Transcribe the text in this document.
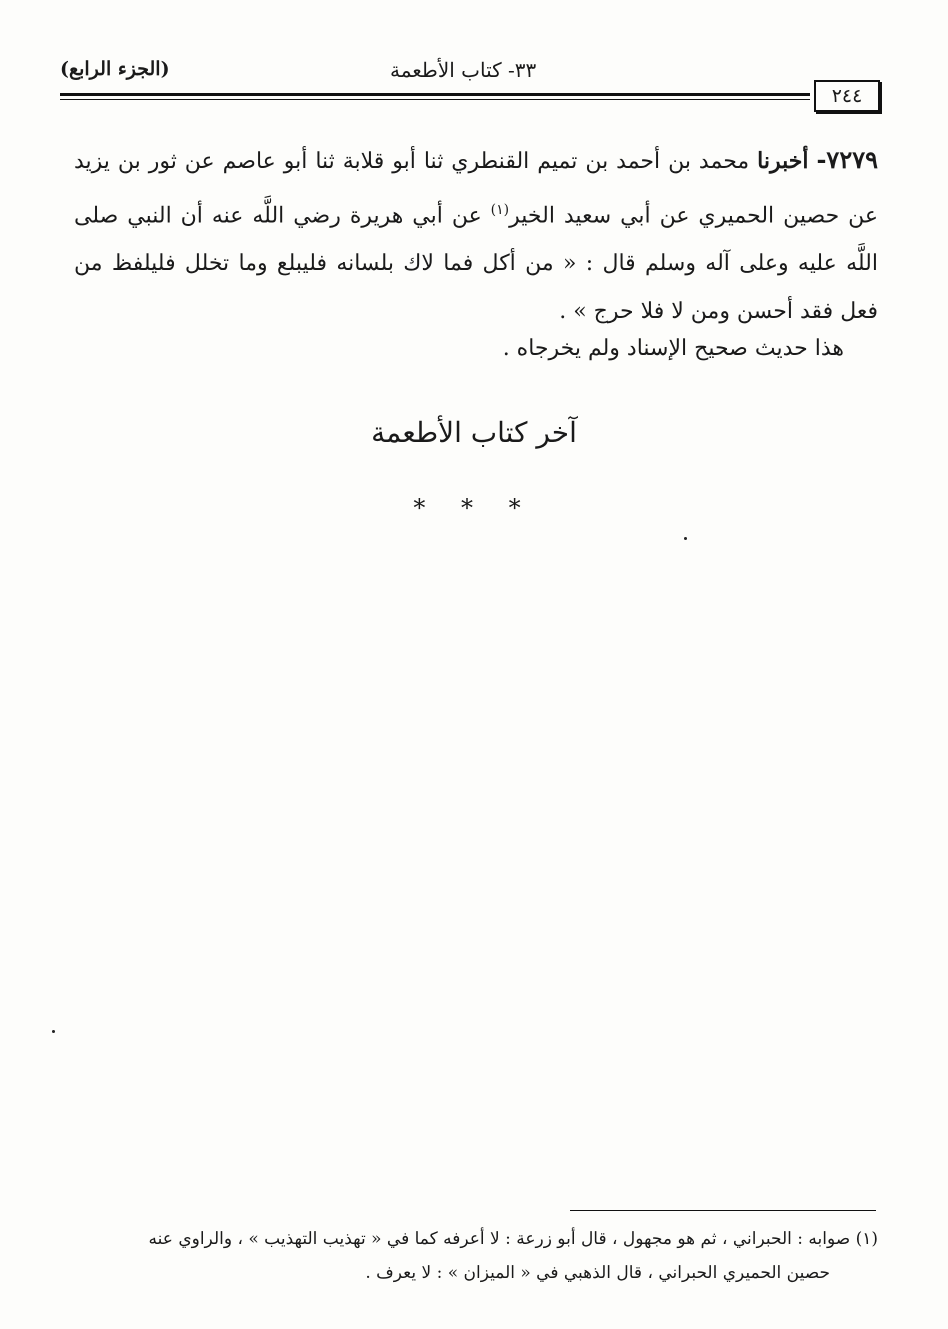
(الجزء الرابع)	٣٣- كتاب الأطعمة
٢٤٤

٧٢٧٩- أخبرنا محمد بن أحمد بن تميم القنطري ثنا أبو قلابة ثنا أبو عاصم عن ثور بن يزيد عن حصين الحميري عن أبي سعيد الخير$^{(١)}$ عن أبي هريرة رضي اللَّه عنه أن النبي صلى اللَّه عليه وعلى آله وسلم قال : « من أكل فما لاك بلسانه فليبلع وما تخلل فليلفظ من فعل فقد أحسن ومن لا فلا حرج » .

هذا حديث صحيح الإسناد ولم يخرجاه .
آخر كتاب الأطعمة
* * *

(١) صوابه : الحبراني ، ثم هو مجهول ، قال أبو زرعة : لا أعرفه كما في « تهذيب التهذيب » ، والراوي عنه

حصين الحميري الحبراني ، قال الذهبي في « الميزان » : لا يعرف .
